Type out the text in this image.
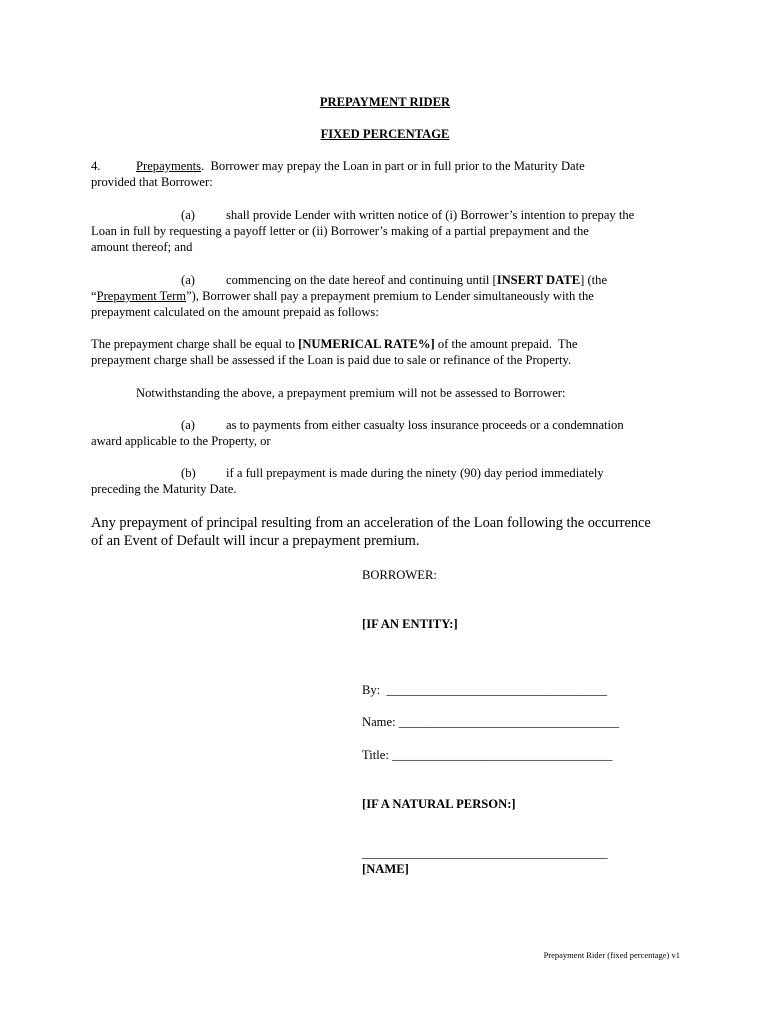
PREPAYMENT RIDER
FIXED PERCENTAGE
4.	Prepayments.  Borrower may prepay the Loan in part or in full prior to the Maturity Date
provided that Borrower:
(a) shall provide Lender with written notice of (i) Borrower’s intention to prepay the
Loan in full by requesting a payoff letter or (ii) Borrower’s making of a partial prepayment and the
amount thereof; and
(a) commencing on the date hereof and continuing until [INSERT DATE] (the
“Prepayment Term”), Borrower shall pay a prepayment premium to Lender simultaneously with the
prepayment calculated on the amount prepaid as follows:
The prepayment charge shall be equal to [NUMERICAL RATE%] of the amount prepaid.  The
prepayment charge shall be assessed if the Loan is paid due to sale or refinance of the Property.
Notwithstanding the above, a prepayment premium will not be assessed to Borrower:
(a) as to payments from either casualty loss insurance proceeds or a condemnation
award applicable to the Property, or
(b) if a full prepayment is made during the ninety (90) day period immediately
preceding the Maturity Date.
Any prepayment of principal resulting from an acceleration of the Loan following the occurrence
of an Event of Default will incur a prepayment premium.
BORROWER:
[IF AN ENTITY:]
By:  ___________________________________
Name: ___________________________________
Title: ___________________________________
[IF A NATURAL PERSON:]
_______________________________________
[NAME]
Prepayment Rider (fixed percentage) v1
